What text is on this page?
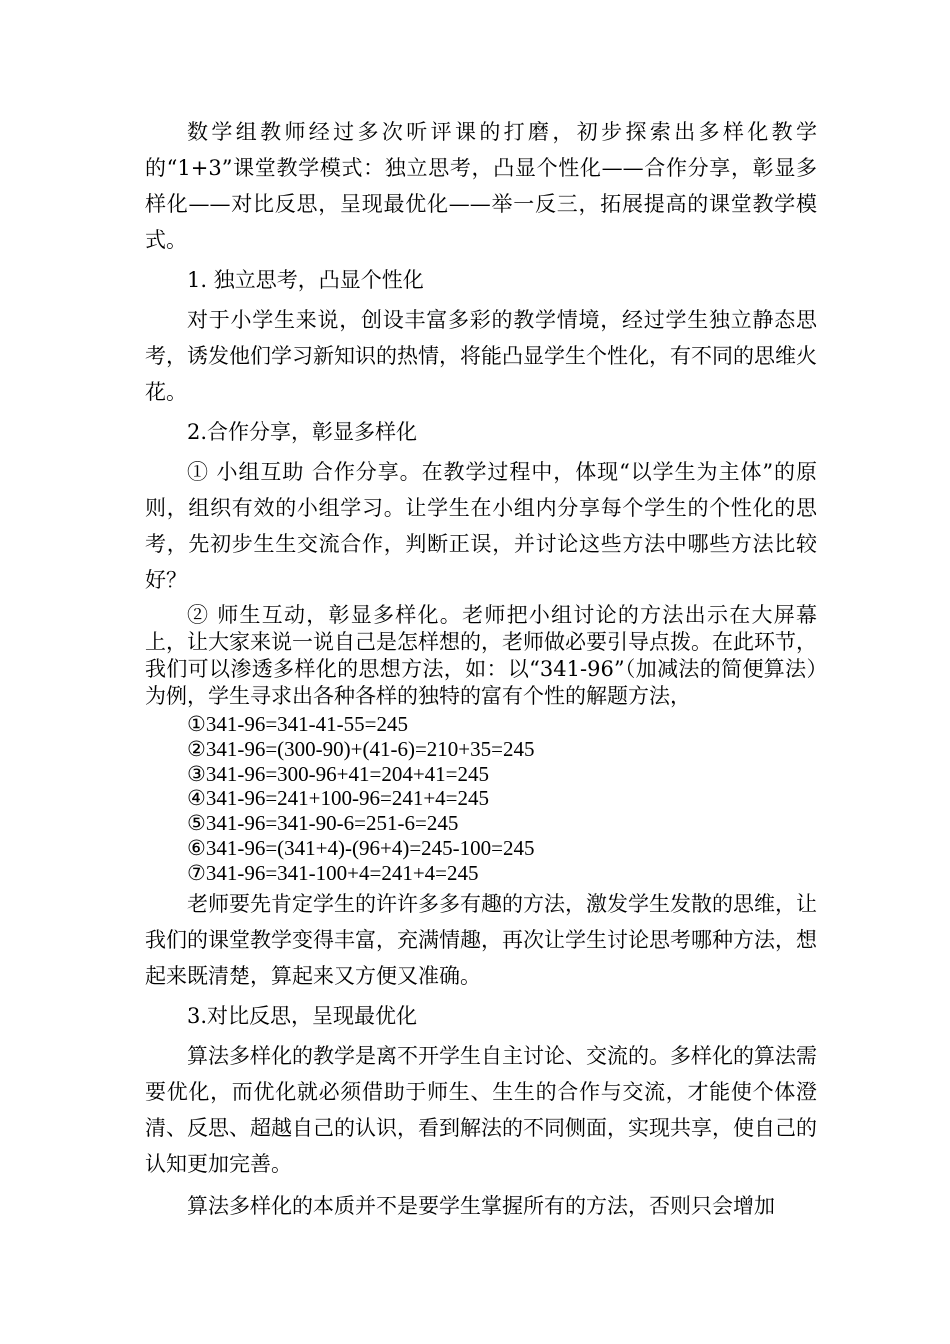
数学组教师经过多次听评课的打磨，初步探索出多样化教学的“1+3”课堂教学模式：独立思考，凸显个性化——合作分享，彰显多样化——对比反思，呈现最优化——举一反三，拓展提高的课堂教学模式。

1. 独立思考，凸显个性化

对于小学生来说，创设丰富多彩的教学情境，经过学生独立静态思考，诱发他们学习新知识的热情，将能凸显学生个性化，有不同的思维火花。

2.合作分享，彰显多样化

① 小组互助 合作分享。在教学过程中，体现“以学生为主体”的原则，组织有效的小组学习。让学生在小组内分享每个学生的个性化的思考，先初步生生交流合作，判断正误，并讨论这些方法中哪些方法比较好？

② 师生互动，彰显多样化。老师把小组讨论的方法出示在大屏幕上，让大家来说一说自己是怎样想的，老师做必要引导点拨。在此环节，我们可以渗透多样化的思想方法，如：以“341-96”（加减法的简便算法）为例，学生寻求出各种各样的独特的富有个性的解题方法，

①341-96=341-41-55=245
②341-96=(300-90)+(41-6)=210+35=245
③341-96=300-96+41=204+41=245
④341-96=241+100-96=241+4=245
⑤341-96=341-90-6=251-6=245
⑥341-96=(341+4)-(96+4)=245-100=245
⑦341-96=341-100+4=241+4=245

老师要先肯定学生的许许多多有趣的方法，激发学生发散的思维，让我们的课堂教学变得丰富，充满情趣，再次让学生讨论思考哪种方法，想起来既清楚，算起来又方便又准确。

3.对比反思，呈现最优化

算法多样化的教学是离不开学生自主讨论、交流的。多样化的算法需要优化，而优化就必须借助于师生、生生的合作与交流，才能使个体澄清、反思、超越自己的认识，看到解法的不同侧面，实现共享，使自己的认知更加完善。

算法多样化的本质并不是要学生掌握所有的方法，否则只会增加
